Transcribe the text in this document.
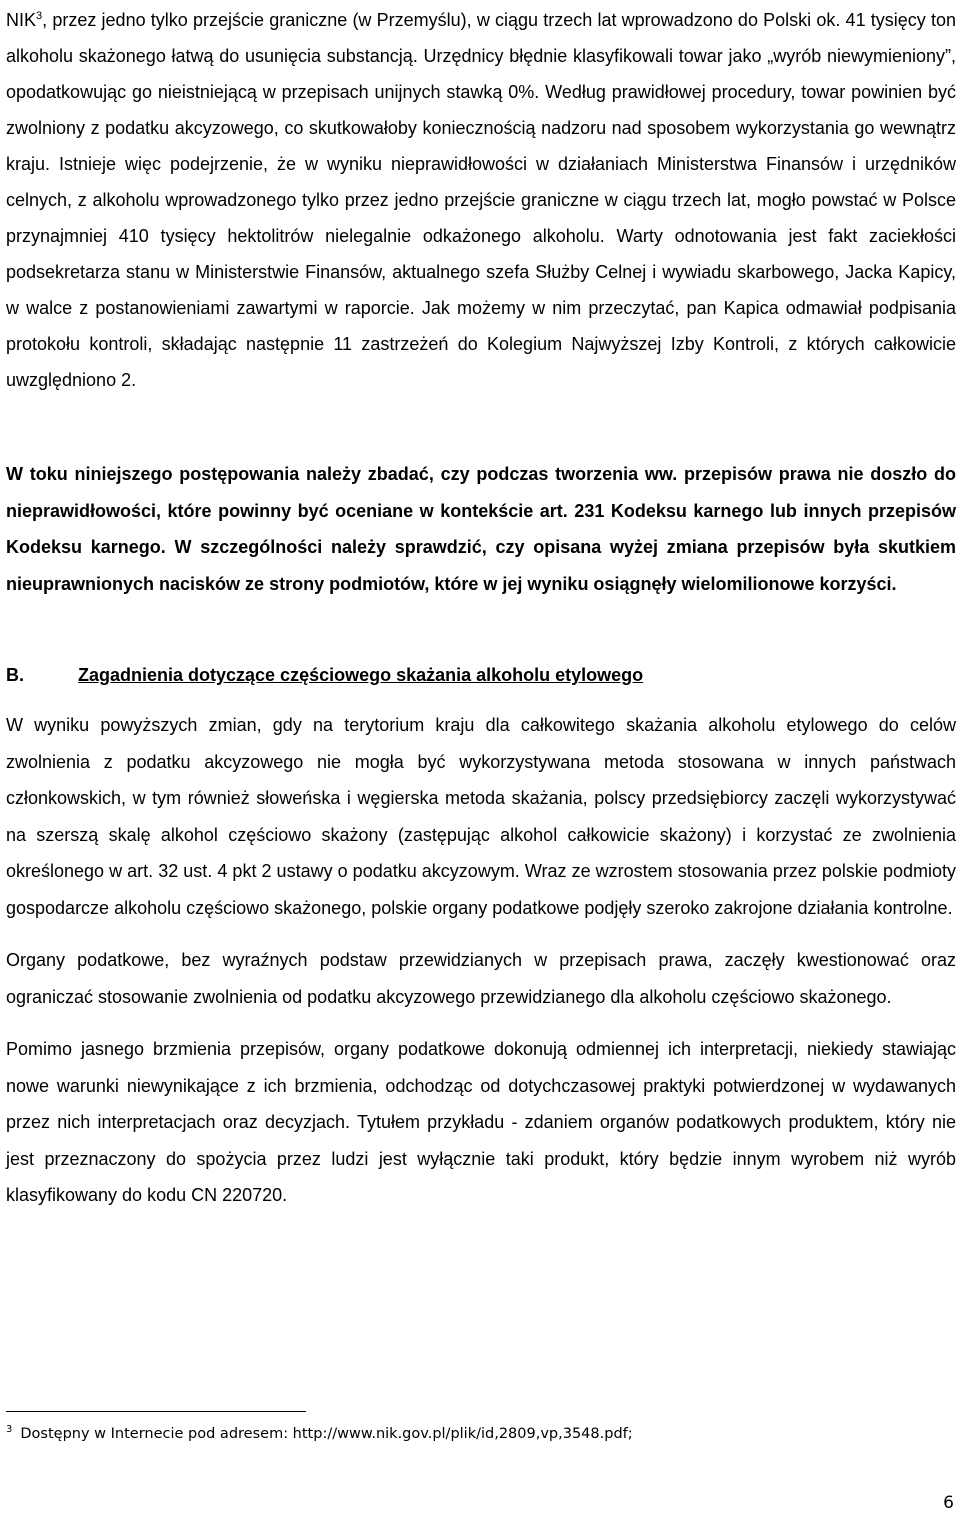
NIK$^3$, przez jedno tylko przejście graniczne (w Przemyślu), w ciągu trzech lat wprowadzono do Polski ok. 41 tysięcy ton alkoholu skażonego łatwą do usunięcia substancją. Urzędnicy błędnie klasyfikowali towar jako „wyrób niewymieniony”, opodatkowując go nieistniejącą w przepisach unijnych stawką 0%. Według prawidłowej procedury, towar powinien być zwolniony z podatku akcyzowego, co skutkowałoby koniecznością nadzoru nad sposobem wykorzystania go wewnątrz kraju. Istnieje więc podejrzenie, że w wyniku nieprawidłowości w działaniach Ministerstwa Finansów i urzędników celnych, z alkoholu wprowadzonego tylko przez jedno przejście graniczne w ciągu trzech lat, mogło powstać w Polsce przynajmniej 410 tysięcy hektolitrów nielegalnie odkażonego alkoholu. Warty odnotowania jest fakt zaciekłości podsekretarza stanu w Ministerstwie Finansów, aktualnego szefa Służby Celnej i wywiadu skarbowego, Jacka Kapicy, w walce z postanowieniami zawartymi w raporcie. Jak możemy w nim przeczytać, pan Kapica odmawiał podpisania protokołu kontroli, składając następnie 11 zastrzeżeń do Kolegium Najwyższej Izby Kontroli, z których całkowicie uwzględniono 2.

W toku niniejszego postępowania należy zbadać, czy podczas tworzenia ww. przepisów prawa nie doszło do nieprawidłowości, które powinny być oceniane w kontekście art. 231 Kodeksu karnego lub innych przepisów Kodeksu karnego. W szczególności należy sprawdzić, czy opisana wyżej zmiana przepisów była skutkiem nieuprawnionych nacisków ze strony podmiotów, które w jej wyniku osiągnęły wielomilionowe korzyści.

B.	Zagadnienia dotyczące częściowego skażania alkoholu etylowego

W wyniku powyższych zmian, gdy na terytorium kraju dla całkowitego skażania alkoholu etylowego do celów zwolnienia z podatku akcyzowego nie mogła być wykorzystywana metoda stosowana w innych państwach członkowskich, w tym również słoweńska i węgierska metoda skażania, polscy przedsiębiorcy zaczęli wykorzystywać na szerszą skalę alkohol częściowo skażony (zastępując alkohol całkowicie skażony) i korzystać ze zwolnienia określonego w art. 32 ust. 4 pkt 2 ustawy o podatku akcyzowym. Wraz ze wzrostem stosowania przez polskie podmioty gospodarcze alkoholu częściowo skażonego, polskie organy podatkowe podjęły szeroko zakrojone działania kontrolne.

Organy podatkowe, bez wyraźnych podstaw przewidzianych w przepisach prawa, zaczęły kwestionować oraz ograniczać stosowanie zwolnienia od podatku akcyzowego przewidzianego dla alkoholu częściowo skażonego.

Pomimo jasnego brzmienia przepisów, organy podatkowe dokonują odmiennej ich interpretacji, niekiedy stawiając nowe warunki niewynikające z ich brzmienia, odchodząc od dotychczasowej praktyki potwierdzonej w wydawanych przez nich interpretacjach oraz decyzjach. Tytułem przykładu - zdaniem organów podatkowych produktem, który nie jest przeznaczony do spożycia przez ludzi jest wyłącznie taki produkt, który będzie innym wyrobem niż wyrób klasyfikowany do kodu CN 220720.

$^3$ Dostępny w Internecie pod adresem: http://www.nik.gov.pl/plik/id,2809,vp,3548.pdf;
6
